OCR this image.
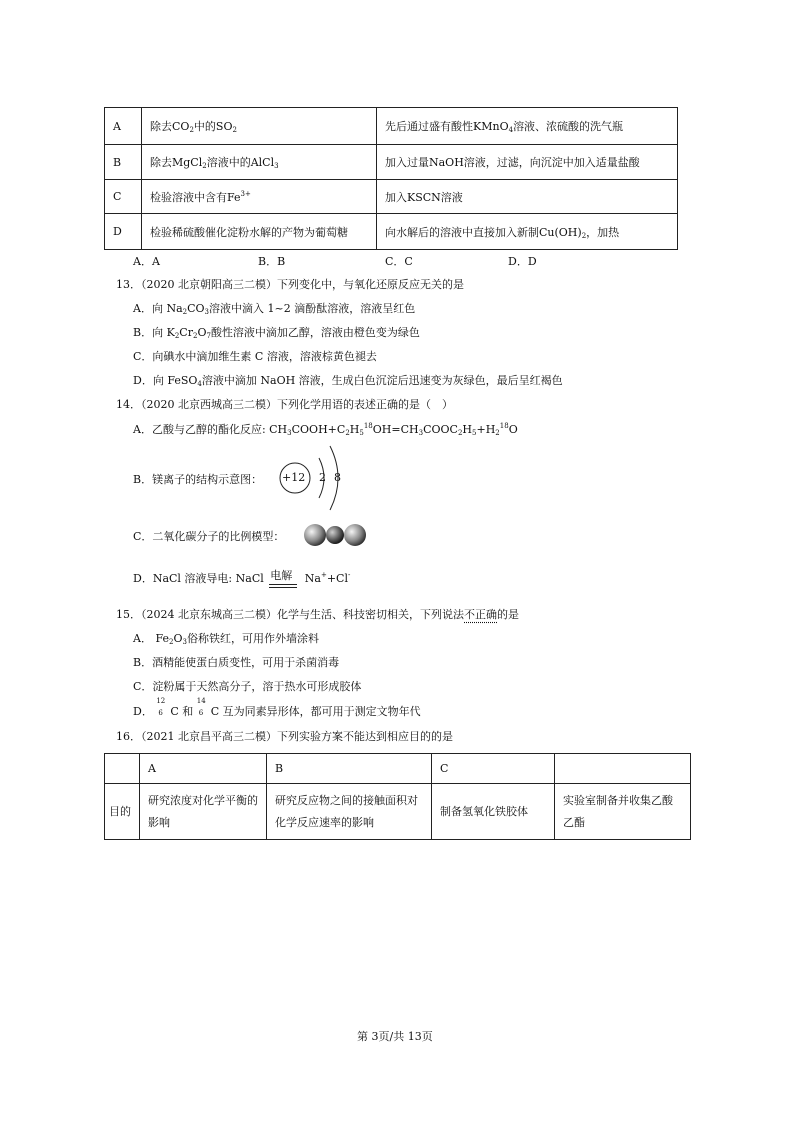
A	除去$CO_2$中的$SO_2$	先后通过盛有酸性KMnO$_4$溶液、浓硫酸的洗气瓶
B	除去MgCl$_2$溶液中的AlCl$_3$	加入过量NaOH溶液，过滤，向沉淀中加入适量盐酸
C	检验溶液中含有$Fe^{3+}$	加入KSCN溶液
D	检验稀硫酸催化淀粉水解的产物为葡萄糖	向水解后的溶液中直接加入新制$Cu(OH)_2$，加热
A．A	B．B	C．C	D．D
13．（2020 北京朝阳高三二模）下列变化中，与氧化还原反应无关的是
A．向 $Na_2CO_3$溶液中滴入 1~2 滴酚酞溶液，溶液呈红色
B．向 $K_2Cr_2O_7$酸性溶液中滴加乙醇，溶液由橙色变为绿色
C．向碘水中滴加维生素 C 溶液，溶液棕黄色褪去
D．向 FeSO$_4$溶液中滴加 NaOH 溶液，生成白色沉淀后迅速变为灰绿色，最后呈红褐色
14．（2020 北京西城高三二模）下列化学用语的表述正确的是（　）
A．乙酸与乙醇的酯化反应: $CH_3COOH+C_2H_5^{18}OH=CH_3COOC_2H_5+H_2^{18}O$
B．镁离子的结构示意图： +12 2 8
C．二氧化碳分子的比例模型：
D．NaCl 溶液导电: NaCl 电解 Na++Cl-
15．（2024 北京东城高三二模）化学与生活、科技密切相关，下列说法不正确的是
A． $Fe_2O_3$俗称铁红，可用作外墙涂料
B．酒精能使蛋白质变性，可用于杀菌消毒
C．淀粉属于天然高分子，溶于热水可形成胶体
D．
12
6 C 和
14
6 C 互为同素异形体，都可用于测定文物年代
16．（2021 北京昌平高三二模）下列实验方案不能达到相应目的的是
	A	B	C	
目的	研究浓度对化学平衡的影响	研究反应物之间的接触面积对化学反应速率的影响	制备氢氧化铁胶体	实验室制备并收集乙酸乙酯
第 3页/共 13页
